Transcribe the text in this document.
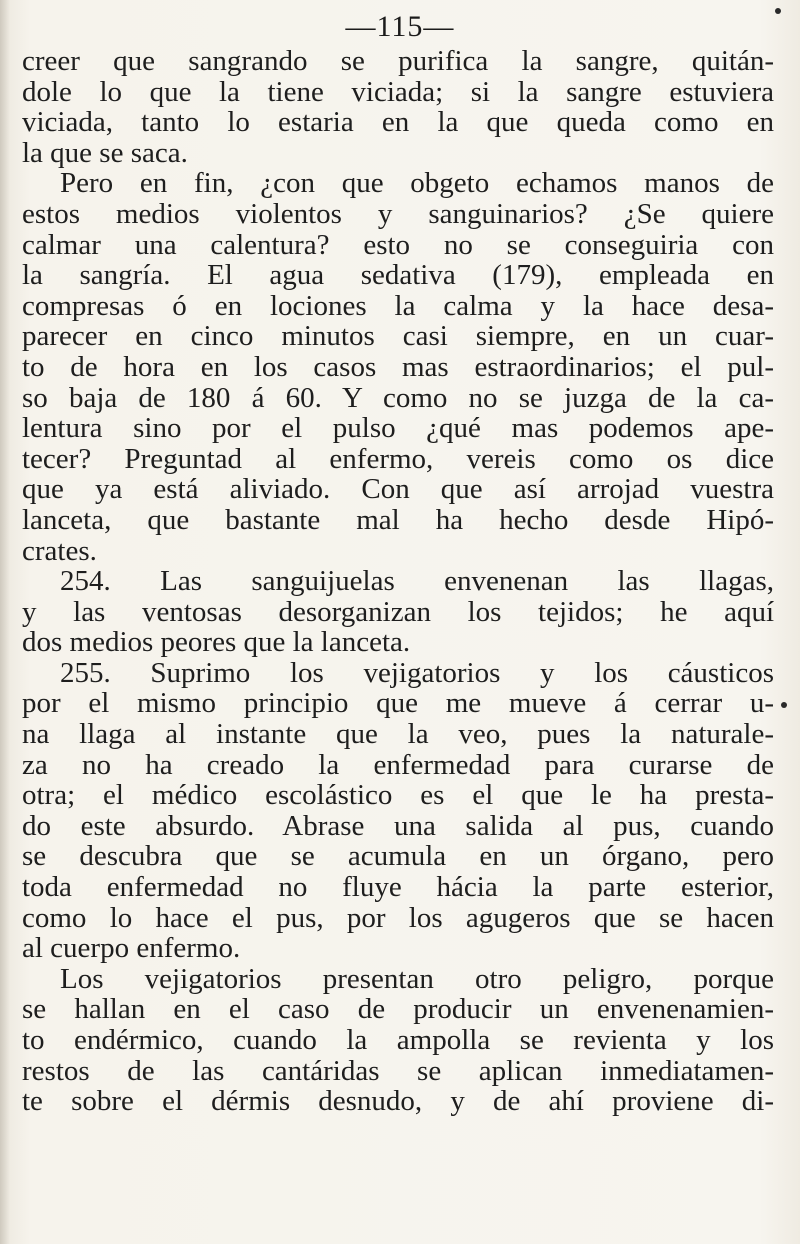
—115—
creer que sangrando se purifica la sangre, quitán-
dole lo que la tiene viciada; si la sangre estuviera
viciada, tanto lo estaria en la que queda como en
la que se saca.
Pero en fin, ¿con que obgeto echamos manos de
estos medios violentos y sanguinarios? ¿Se quiere
calmar una calentura? esto no se conseguiria con
la sangría. El agua sedativa (179), empleada en
compresas ó en lociones la calma y la hace desa-
parecer en cinco minutos casi siempre, en un cuar-
to de hora en los casos mas estraordinarios; el pul-
so baja de 180 á 60. Y como no se juzga de la ca-
lentura sino por el pulso ¿qué mas podemos ape-
tecer? Preguntad al enfermo, vereis como os dice
que ya está aliviado. Con que así arrojad vuestra
lanceta, que bastante mal ha hecho desde Hipó-
crates.
254. Las sanguijuelas envenenan las llagas,
y las ventosas desorganizan los tejidos; he aquí
dos medios peores que la lanceta.
255. Suprimo los vejigatorios y los cáusticos
por el mismo principio que me mueve á cerrar u-
na llaga al instante que la veo, pues la naturale-
za no ha creado la enfermedad para curarse de
otra; el médico escolástico es el que le ha presta-
do este absurdo. Abrase una salida al pus, cuando
se descubra que se acumula en un órgano, pero
toda enfermedad no fluye hácia la parte esterior,
como lo hace el pus, por los agugeros que se hacen
al cuerpo enfermo.
Los vejigatorios presentan otro peligro, porque
se hallan en el caso de producir un envenenamien-
to endérmico, cuando la ampolla se revienta y los
restos de las cantáridas se aplican inmediatamen-
te sobre el dérmis desnudo, y de ahí proviene di-
